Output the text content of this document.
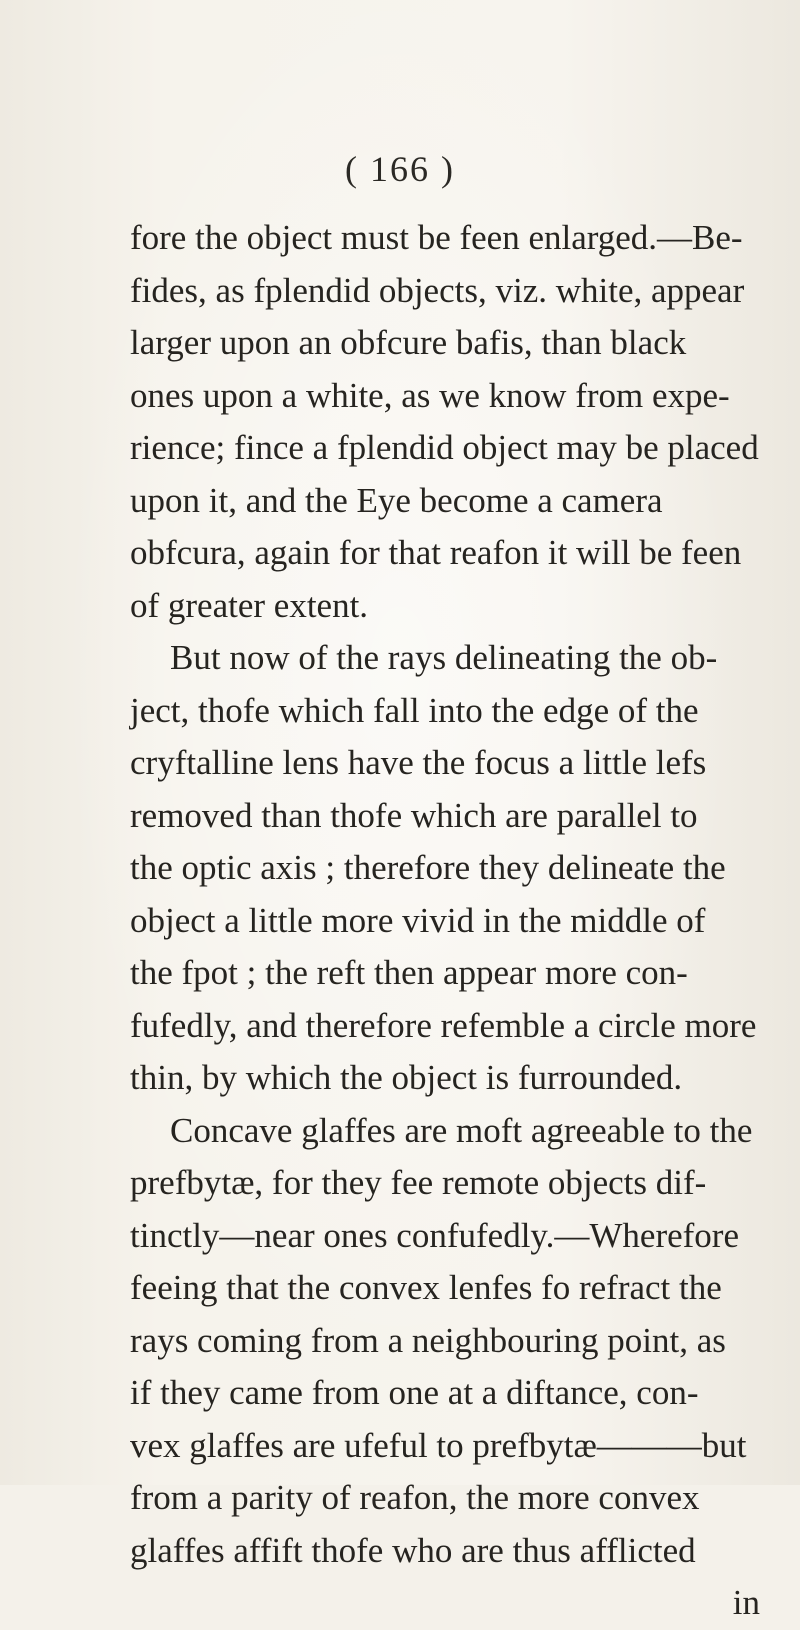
( 166 )
fore the object must be feen enlarged.—Be-
fides, as fplendid objects, viz. white, appear
larger upon an obfcure bafis, than black
ones upon a white, as we know from expe-
rience; fince a fplendid object may be placed
upon it, and the Eye become a camera
obfcura, again for that reafon it will be feen
of greater extent.
But now of the rays delineating the ob-
ject, thofe which fall into the edge of the
cryftalline lens have the focus a little lefs
removed than thofe which are parallel to
the optic axis ; therefore they delineate the
object a little more vivid in the middle of
the fpot ; the reft then appear more con-
fufedly, and therefore refemble a circle more
thin, by which the object is furrounded.
Concave glaffes are moft agreeable to the
prefbytæ, for they fee remote objects dif-
tinctly—near ones confufedly.—Wherefore
feeing that the convex lenfes fo refract the
rays coming from a neighbouring point, as
if they came from one at a diftance, con-
vex glaffes are ufeful to prefbytæ———but
from a parity of reafon, the more convex
glaffes affift thofe who are thus afflicted
in
